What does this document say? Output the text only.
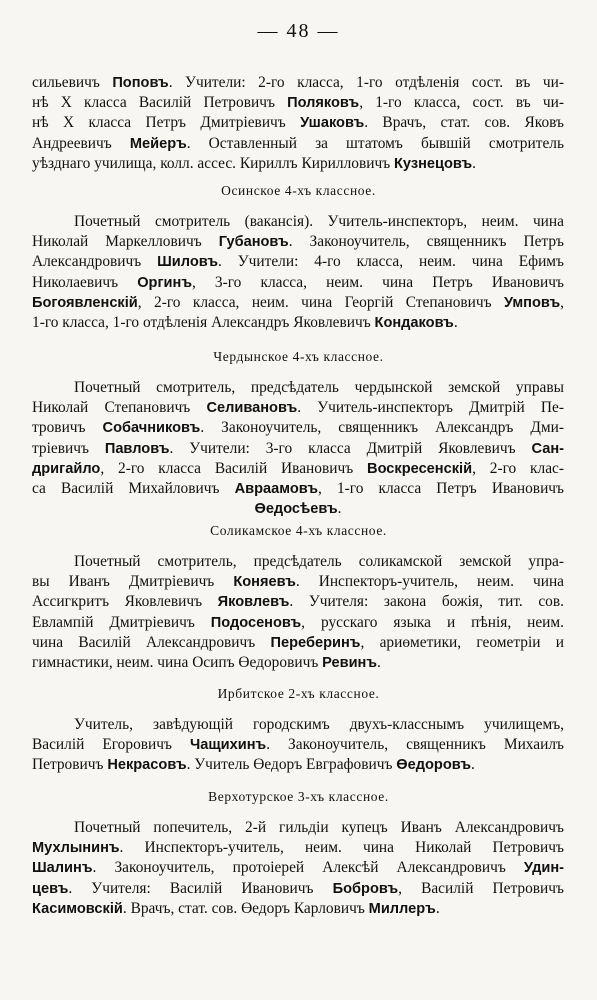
— 48 —
сильевичъ Поповъ. Учители: 2-го класса, 1-го отдѣленія сост. въ чи-
нѣ X класса Василій Петровичъ Поляковъ, 1-го класса, сост. въ чи-
нѣ X класса Петръ Дмитріевичъ Ушаковъ. Врачъ, стат. сов. Яковъ
Андреевичъ Мейеръ. Оставленный за штатомъ бывшій смотритель
уѣзднаго училища, колл. ассес. Кириллъ Кирилловичъ Кузнецовъ.
Осинское 4-хъ классное.
Почетный смотритель (вакансія). Учитель-инспекторъ, неим. чина
Николай Маркелловичъ Губановъ. Законоучитель, священникъ Петръ
Александровичъ Шиловъ. Учители: 4-го класса, неим. чина Ефимъ
Николаевичъ Оргинъ, 3-го класса, неим. чина Петръ Ивановичъ
Богоявленскій, 2-го класса, неим. чина Георгій Степановичъ Умповъ,
1-го класса, 1-го отдѣленія Александръ Яковлевичъ Кондаковъ.
Чердынское 4-хъ классное.
Почетный смотритель, предсѣдатель чердынской земской управы
Николай Степановичъ Селивановъ. Учитель-инспекторъ Дмитрій Пе-
тровичъ Собачниковъ. Законоучитель, священникъ Александръ Дми-
тріевичъ Павловъ. Учители: 3-го класса Дмитрій Яковлевичъ Сан-
дригайло, 2-го класса Василій Ивановичъ Воскресенскій, 2-го клас-
са Василій Михайловичъ Авраамовъ, 1-го класса Петръ Ивановичъ
Өедосѣевъ.
Соликамское 4-хъ классное.
Почетный смотритель, предсѣдатель соликамской земской упра-
вы Иванъ Дмитріевичъ Коняевъ. Инспекторъ-учитель, неим. чина
Ассигкритъ Яковлевичъ Яковлевъ. Учителя: закона божія, тит. сов.
Евлампій Дмитріевичъ Подосеновъ, русскаго языка и пѣнія, неим.
чина Василій Александровичъ Переберинъ, ариөметики, геометріи и
гимнастики, неим. чина Осипъ Өедоровичъ Ревинъ.
Ирбитское 2-хъ классное.
Учитель, завѣдующій городскимъ двухъ-класснымъ училищемъ,
Василій Егоровичъ Чащихинъ. Законоучитель, священникъ Михаилъ
Петровичъ Некрасовъ. Учитель Өедоръ Евграфовичъ Өедоровъ.
Верхотурское 3-хъ классное.
Почетный попечитель, 2-й гильдіи купецъ Иванъ Александровичъ
Мухлынинъ. Инспекторъ-учитель, неим. чина Николай Петровичъ
Шалинъ. Законоучитель, протоіерей Алексѣй Александровичъ Удин-
цевъ. Учителя: Василій Ивановичъ Бобровъ, Василій Петровичъ
Касимовскій. Врачъ, стат. сов. Өедоръ Карловичъ Миллеръ.
